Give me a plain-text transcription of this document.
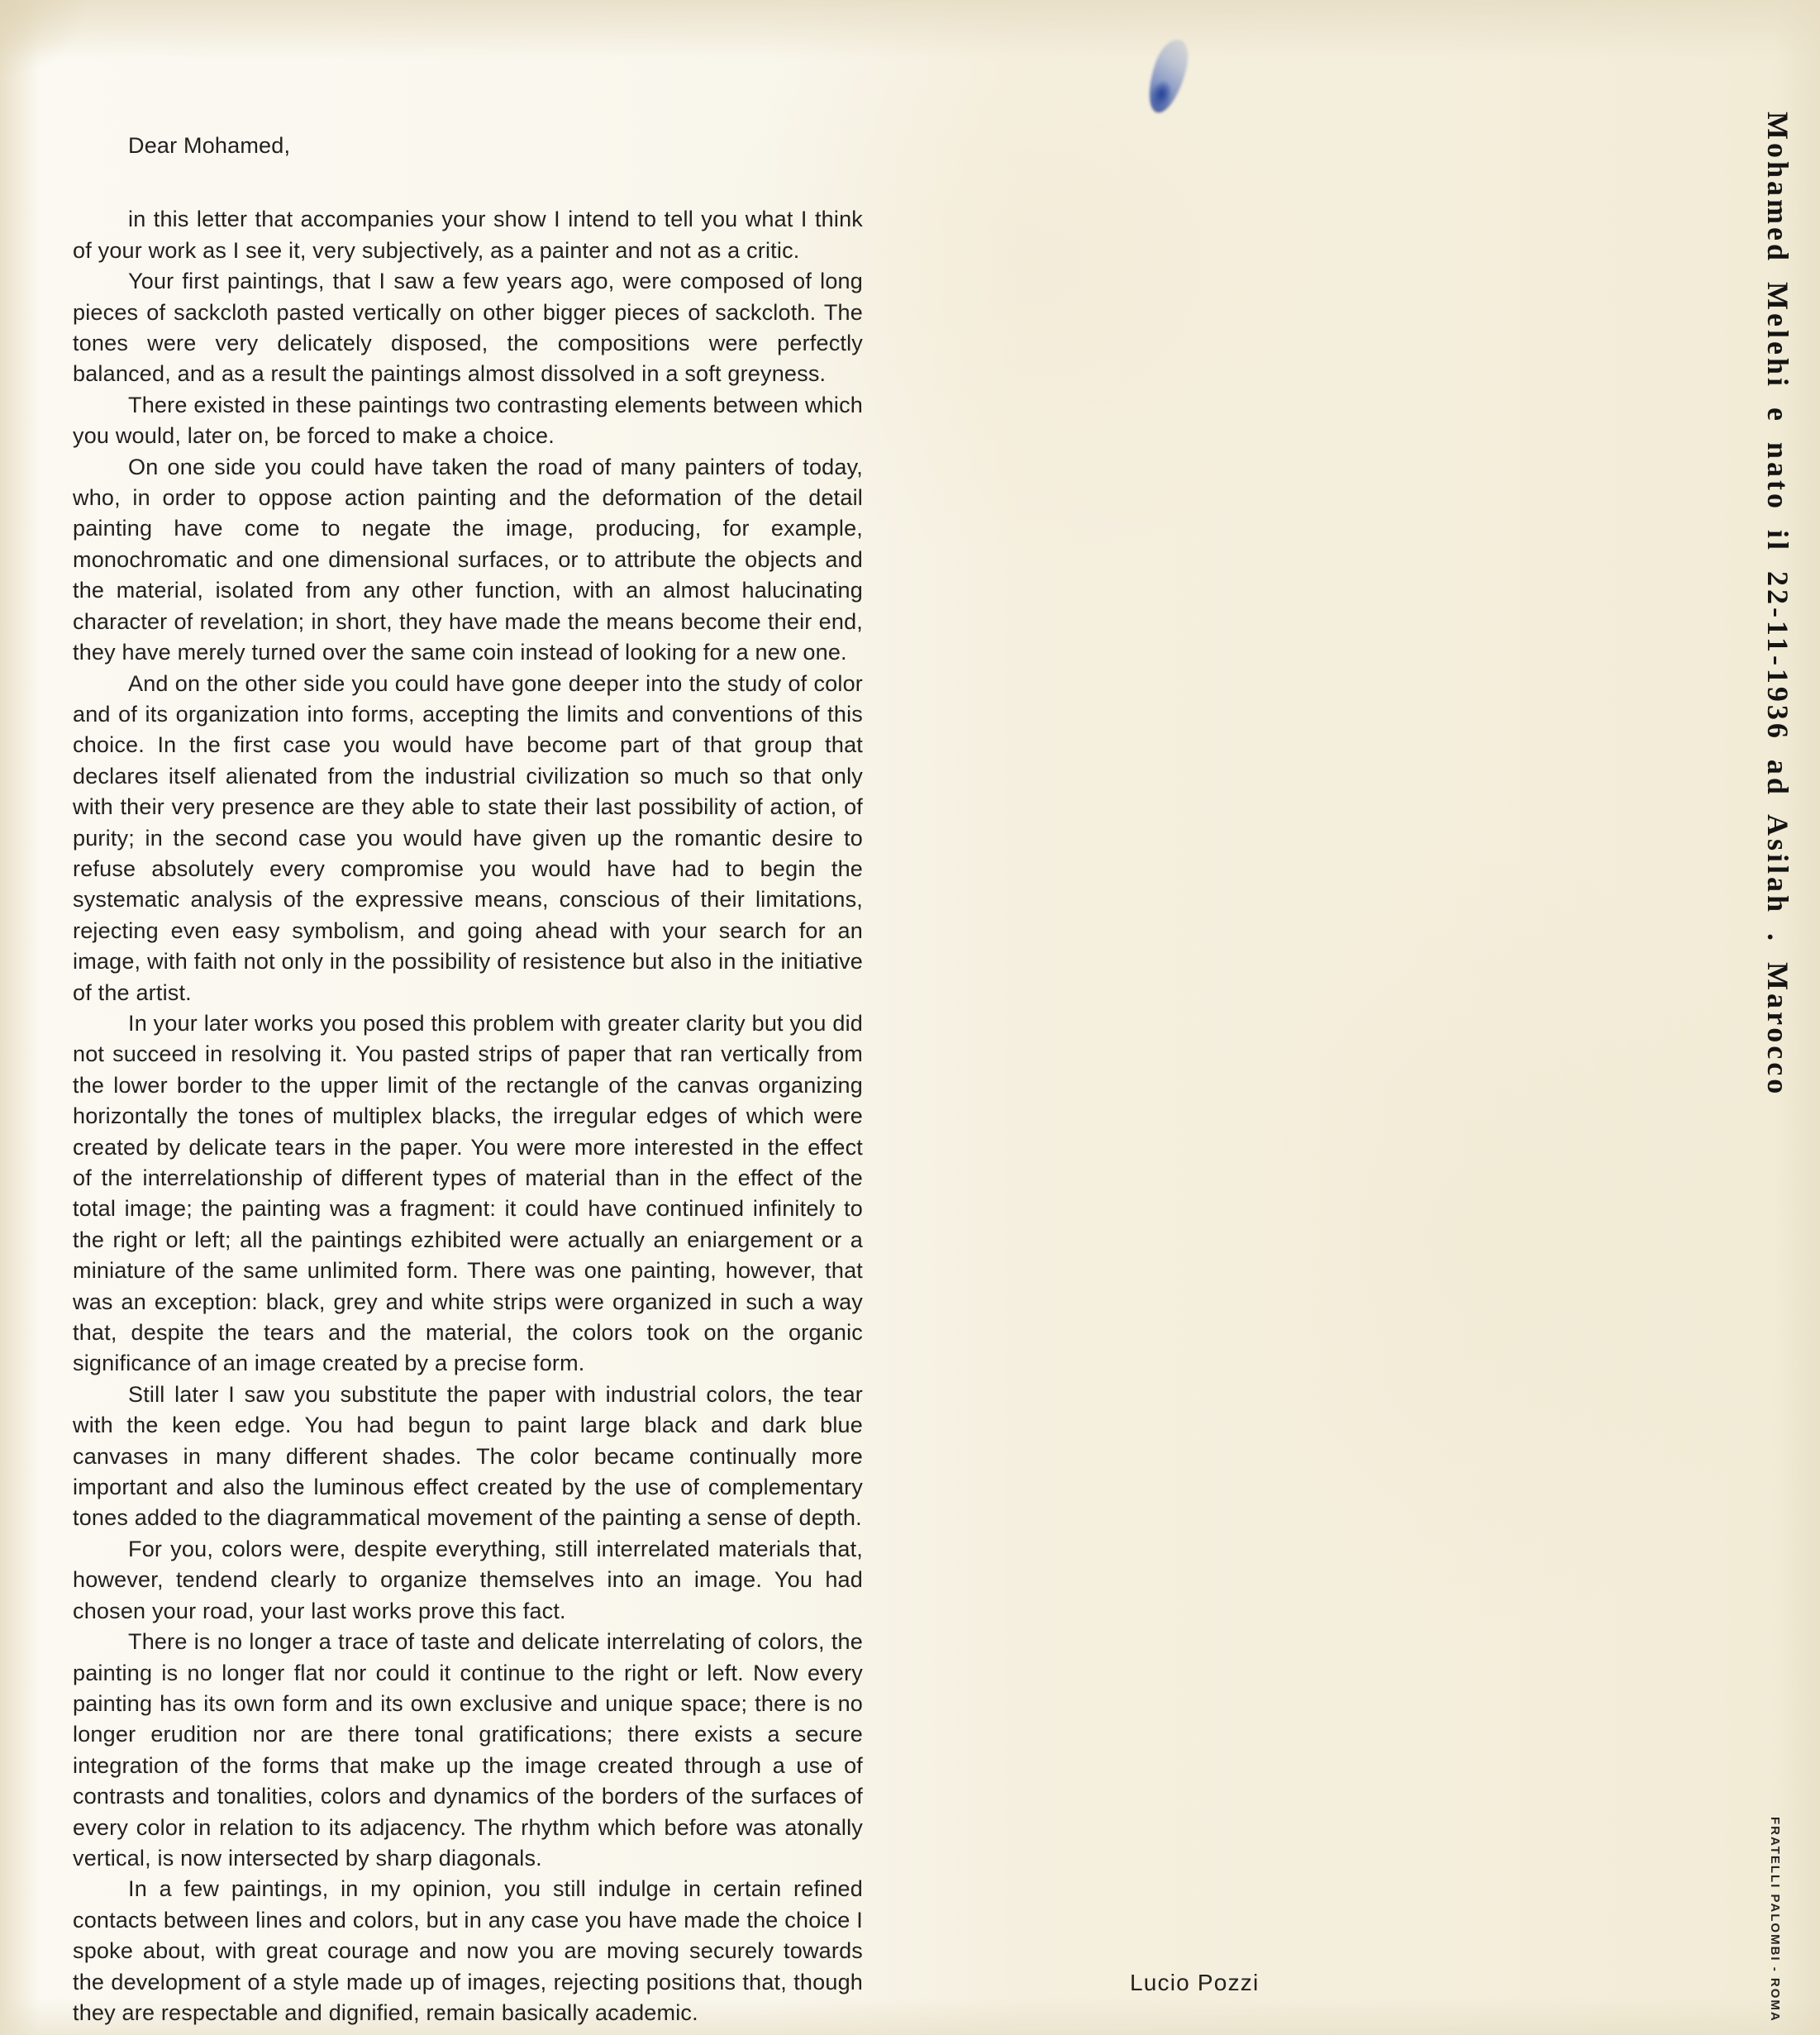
Dear Mohamed,

in this letter that accompanies your show I intend to tell you what I think of your work as I see it, very subjectively, as a painter and not as a critic.

Your first paintings, that I saw a few years ago, were composed of long pieces of sackcloth pasted vertically on other bigger pieces of sackcloth. The tones were very delicately disposed, the compositions were perfectly balanced, and as a result the paintings almost dissolved in a soft greyness.

There existed in these paintings two contrasting elements between which you would, later on, be forced to make a choice.

On one side you could have taken the road of many painters of today, who, in order to oppose action painting and the deformation of the detail painting have come to negate the image, producing, for example, monochromatic and one dimensional surfaces, or to attribute the objects and the material, isolated from any other function, with an almost halucinating character of revelation; in short, they have made the means become their end, they have merely turned over the same coin instead of looking for a new one.

And on the other side you could have gone deeper into the study of color and of its organization into forms, accepting the limits and conventions of this choice. In the first case you would have become part of that group that declares itself alienated from the industrial civilization so much so that only with their very presence are they able to state their last possibility of action, of purity; in the second case you would have given up the romantic desire to refuse absolutely every compromise you would have had to begin the systematic analysis of the expressive means, conscious of their limitations, rejecting even easy symbolism, and going ahead with your search for an image, with faith not only in the possibility of resistence but also in the initiative of the artist.

In your later works you posed this problem with greater clarity but you did not succeed in resolving it. You pasted strips of paper that ran vertically from the lower border to the upper limit of the rectangle of the canvas organizing horizontally the tones of multiplex blacks, the irregular edges of which were created by delicate tears in the paper. You were more interested in the effect of the interrelationship of different types of material than in the effect of the total image; the painting was a fragment: it could have continued infinitely to the right or left; all the paintings ezhibited were actually an eniargement or a miniature of the same unlimited form. There was one painting, however, that was an exception: black, grey and white strips were organized in such a way that, despite the tears and the material, the colors took on the organic significance of an image created by a precise form.

Still later I saw you substitute the paper with industrial colors, the tear with the keen edge. You had begun to paint large black and dark blue canvases in many different shades. The color became continually more important and also the luminous effect created by the use of complementary tones added to the diagrammatical movement of the painting a sense of depth.

For you, colors were, despite everything, still interrelated materials that, however, tendend clearly to organize themselves into an image. You had chosen your road, your last works prove this fact.

There is no longer a trace of taste and delicate interrelating of colors, the painting is no longer flat nor could it continue to the right or left. Now every painting has its own form and its own exclusive and unique space; there is no longer erudition nor are there tonal gratifications; there exists a secure integration of the forms that make up the image created through a use of contrasts and tonalities, colors and dynamics of the borders of the surfaces of every color in relation to its adjacency. The rhythm which before was atonally vertical, is now intersected by sharp diagonals.

In a few paintings, in my opinion, you still indulge in certain refined contacts between lines and colors, but in any case you have made the choice I spoke about, with great courage and now you are moving securely towards the development of a style made up of images, rejecting positions that, though they are respectable and dignified, remain basically academic.

Lucio Pozzi
Mohamed Melehi e nato il 22-11-1936 ad Asilah . Marocco
FRATELLI PALOMBI - ROMA
